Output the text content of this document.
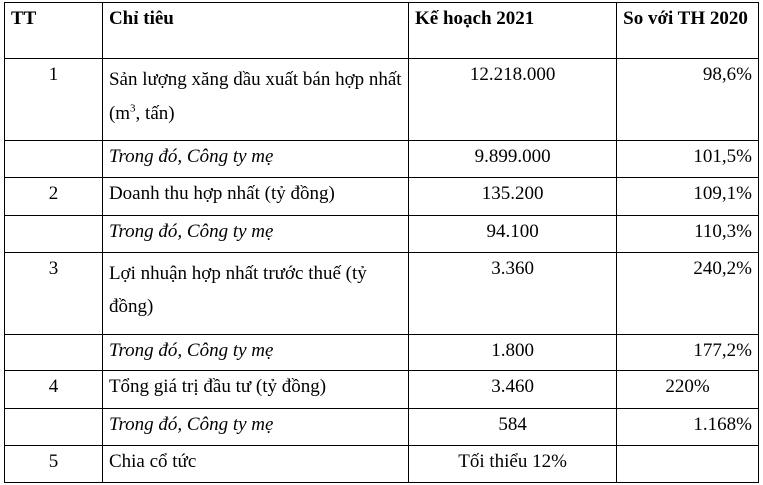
TT	Chỉ tiêu	Kế hoạch 2021	So với TH 2020
1	Sản lượng xăng dầu xuất bán hợp nhất ($m^3$, tấn)	12.218.000	98,6%
	Trong đó, Công ty mẹ	9.899.000	101,5%
2	Doanh thu hợp nhất (tỷ đồng)	135.200	109,1%
	Trong đó, Công ty mẹ	94.100	110,3%
3	Lợi nhuận hợp nhất trước thuế (tỷ đồng)	3.360	240,2%
	Trong đó, Công ty mẹ	1.800	177,2%
4	Tổng giá trị đầu tư (tỷ đồng)	3.460	220%
	Trong đó, Công ty mẹ	584	1.168%
5	Chia cổ tức	Tối thiểu 12%	
